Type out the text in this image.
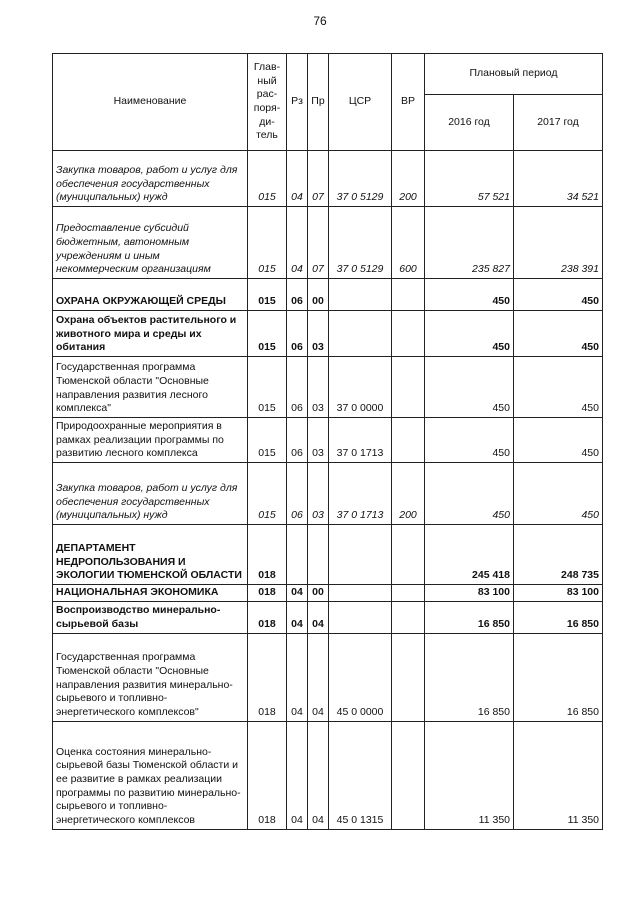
76
Наименование	Глав-ный рас-поря-ди-тель	Рз	Пр	ЦСР	ВР	Плановый период	
						2016 год	2017 год
Закупка товаров, работ и услуг для обеспечения государственных (муниципальных) нужд	015	04	07	37 0 5129	200	57 521	34 521
Предоставление субсидий бюджетным, автономным учреждениям и иным некоммерческим организациям	015	04	07	37 0 5129	600	235 827	238 391
ОХРАНА ОКРУЖАЮЩЕЙ СРЕДЫ	015	06	00			450	450
Охрана объектов растительного и животного мира и среды их обитания	015	06	03			450	450
Государственная программа Тюменской области "Основные направления развития лесного комплекса"	015	06	03	37 0 0000		450	450
Природоохранные мероприятия в рамках реализации программы по развитию лесного комплекса	015	06	03	37 0 1713		450	450
Закупка товаров, работ и услуг для обеспечения государственных (муниципальных) нужд	015	06	03	37 0 1713	200	450	450
ДЕПАРТАМЕНТ НЕДРОПОЛЬЗОВАНИЯ И ЭКОЛОГИИ ТЮМЕНСКОЙ ОБЛАСТИ	018					245 418	248 735
НАЦИОНАЛЬНАЯ ЭКОНОМИКА	018	04	00			83 100	83 100
Воспроизводство минерально-сырьевой базы	018	04	04			16 850	16 850
Государственная программа Тюменской области "Основные направления развития минерально-сырьевого и топливно-энергетического комплексов"	018	04	04	45 0 0000		16 850	16 850
Оценка состояния минерально-сырьевой базы Тюменской области и ее развитие в рамках реализации программы по развитию минерально-сырьевого и топливно-энергетического комплексов	018	04	04	45 0 1315		11 350	11 350
